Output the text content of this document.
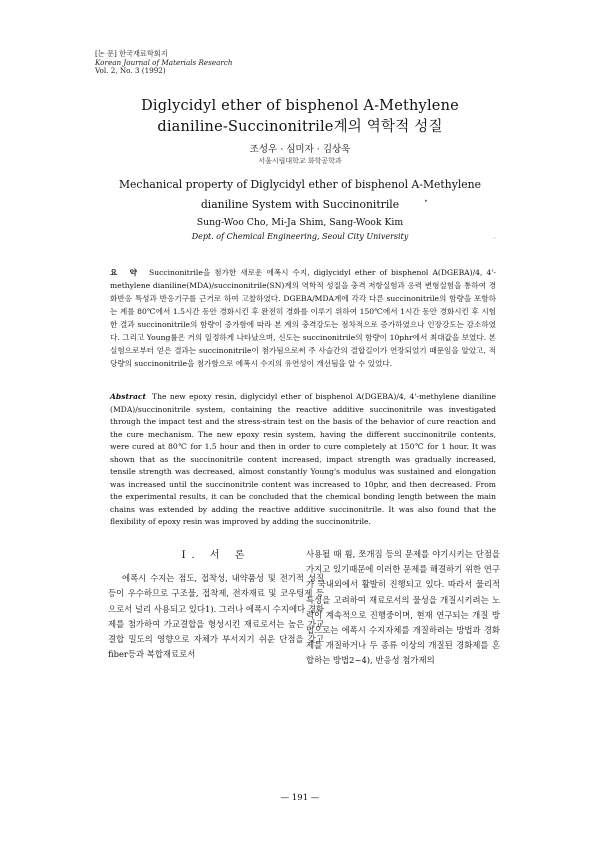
[논 문] 한국재료학회지
Korean Journal of Materials Research
Vol. 2, No. 3 (1992)
Diglycidyl ether of bisphenol A-Methylene
dianiline-Succinonitrile계의 역학적 성질
조성우 · 심미자 · 김상욱
서울시립대학교 화학공학과
Mechanical property of Diglycidyl ether of bisphenol A-Methylene
dianiline System with Succinonitrile	▸
Sung-Woo Cho, Mi-Ja Shim, Sang-Wook Kim
Dept. of Chemical Engineering, Seoul City University	◦
요 약 Succinonitrile을 첨가한 새로운 에폭시 수지, diglycidyl ether of bisphenol A(DGEBA)/4, 4'-methylene dianiline(MDA)/succinonitrile(SN)계의 역학적 성질을 충격 저항실험과 응력 변형실험을 통하여 경화반응 특성과 반응기구를 근거로 하여 고찰하였다. DGEBA/MDA계에 각각 다른 succinonitrile의 함량을 포함하는 계를 80℃에서 1.5시간 동안 경화시킨 후 완전히 경화를 이루기 위하여 150℃에서 1시간 동안 경화시킨 후 시험한 결과 succinonitrile의 함량이 증가함에 따라 본 계의 충격강도는 점차적으로 증가하였으나 인장강도는 감소하였다. 그리고 Young률은 거의 일정하게 나타났으며, 신도는 succinonitrile의 함량이 10phr에서 최대값을 보였다. 본 실험으로부터 얻은 결과는 succinonitrile이 첨가됨으로써 주 사슬간의 결합길이가 연장되었기 때문임을 알았고, 적당량의 succinonitrile을 첨가함으로 에폭시 수지의 유연성이 개선됨을 알 수 있었다.
Abstract The new epoxy resin, diglycidyl ether of bisphenol A(DGEBA)/4, 4'-methylene dianiline (MDA)/succinonitrile system, containing the reactive additive succinonitrile was investigated through the impact test and the stress-strain test on the basis of the behavior of cure reaction and the cure mechanism. The new epoxy resin system, having the different succinonitrile contents, were cured at 80℃ for 1.5 hour and then in order to cure completely at 150℃ for 1 hour. It was shown that as the succinonitrile content increased, impact strength was gradually increased, tensile strength was decreased, almost constantly Young's modulus was sustained and elongation was increased until the succinonitrile content was increased to 10phr, and then decreased. From the experimental results, it can be concluded that the chemical bonding length between the main chains was extended by adding the reactive additive succinonitrile. It was also found that the flexibility of epoxy resin was improved by adding the succinonitrile.
I. 서 론

에폭시 수지는 점도, 접착성, 내약품성 및 전기적 성질 등이 우수하므로 구조물, 접착제, 전자재료 및 코우팅제 등으로서 널리 사용되고 있다1). 그러나 에폭시 수지에다 경화제를 첨가하여 가교결합을 형성시킨 재료로서는 높은 가교결합 밀도의 영향으로 자체가 부서지기 쉬운 단점을 갖고 fiber등과 복합재료로서

사용될 때 휨, 쪼개짐 등의 문제를 야기시키는 단점을 가지고 있기때문에 이러한 문제를 해결하기 위한 연구가 국내외에서 활발히 진행되고 있다. 따라서 물리적 특성을 고려하여 재료로서의 물성을 개질시키려는 노력이 계속적으로 진행중이며, 현재 연구되는 개질 방법으로는 에폭시 수지자체를 개질하려는 방법과 경화제를 개질하거나 두 종류 이상의 개질된 경화제를 혼합하는 방법2~4), 반응성 첨가제의

— 191 —
